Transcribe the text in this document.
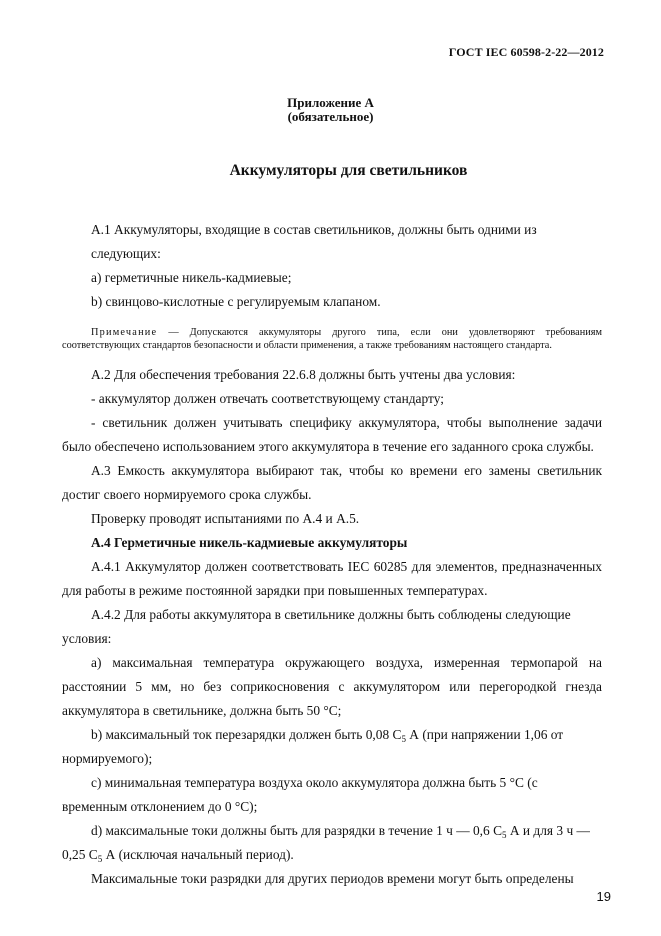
ГОСТ IEC 60598-2-22—2012
Приложение А
(обязательное)
Аккумуляторы для светильников

А.1 Аккумуляторы, входящие в состав светильников, должны быть одними из

следующих:

а) герметичные никель-кадмиевые;

b) свинцово-кислотные с регулируемым клапаном.

Примечание — Допускаются аккумуляторы другого типа, если они удовлетворяют требованиям соответствующих стандартов безопасности и области применения, а также требованиям настоящего стандарта.

А.2 Для обеспечения требования 22.6.8 должны быть учтены два условия:

- аккумулятор должен отвечать соответствующему стандарту;

- светильник должен учитывать специфику аккумулятора, чтобы выполнение задачи было обеспечено использованием этого аккумулятора в течение его заданного срока службы.

А.3 Емкость аккумулятора выбирают так, чтобы ко времени его замены светильник достиг своего нормируемого срока службы.

Проверку проводят испытаниями по А.4 и А.5.

А.4 Герметичные никель-кадмиевые аккумуляторы

А.4.1 Аккумулятор должен соответствовать IEC 60285 для элементов, предназначенных для работы в режиме постоянной зарядки при повышенных температурах.

А.4.2 Для работы аккумулятора в светильнике должны быть соблюдены следующие

условия:

а) максимальная температура окружающего воздуха, измеренная термопарой на расстоянии 5 мм, но без соприкосновения с аккумулятором или перегородкой гнезда аккумулятора в светильнике, должна быть 50 °С;

b) максимальный ток перезарядки должен быть 0,08 $С_5$ А (при напряжении 1,06 от

нормируемого);

с) минимальная температура воздуха около аккумулятора должна быть 5 °С (с

временным отклонением до 0 °С);

d) максимальные токи должны быть для разрядки в течение 1 ч — 0,6 $С_5$ А и для 3 ч —

0,25 $С_5$ А (исключая начальный период).

Максимальные токи разрядки для других периодов времени могут быть определены

19
